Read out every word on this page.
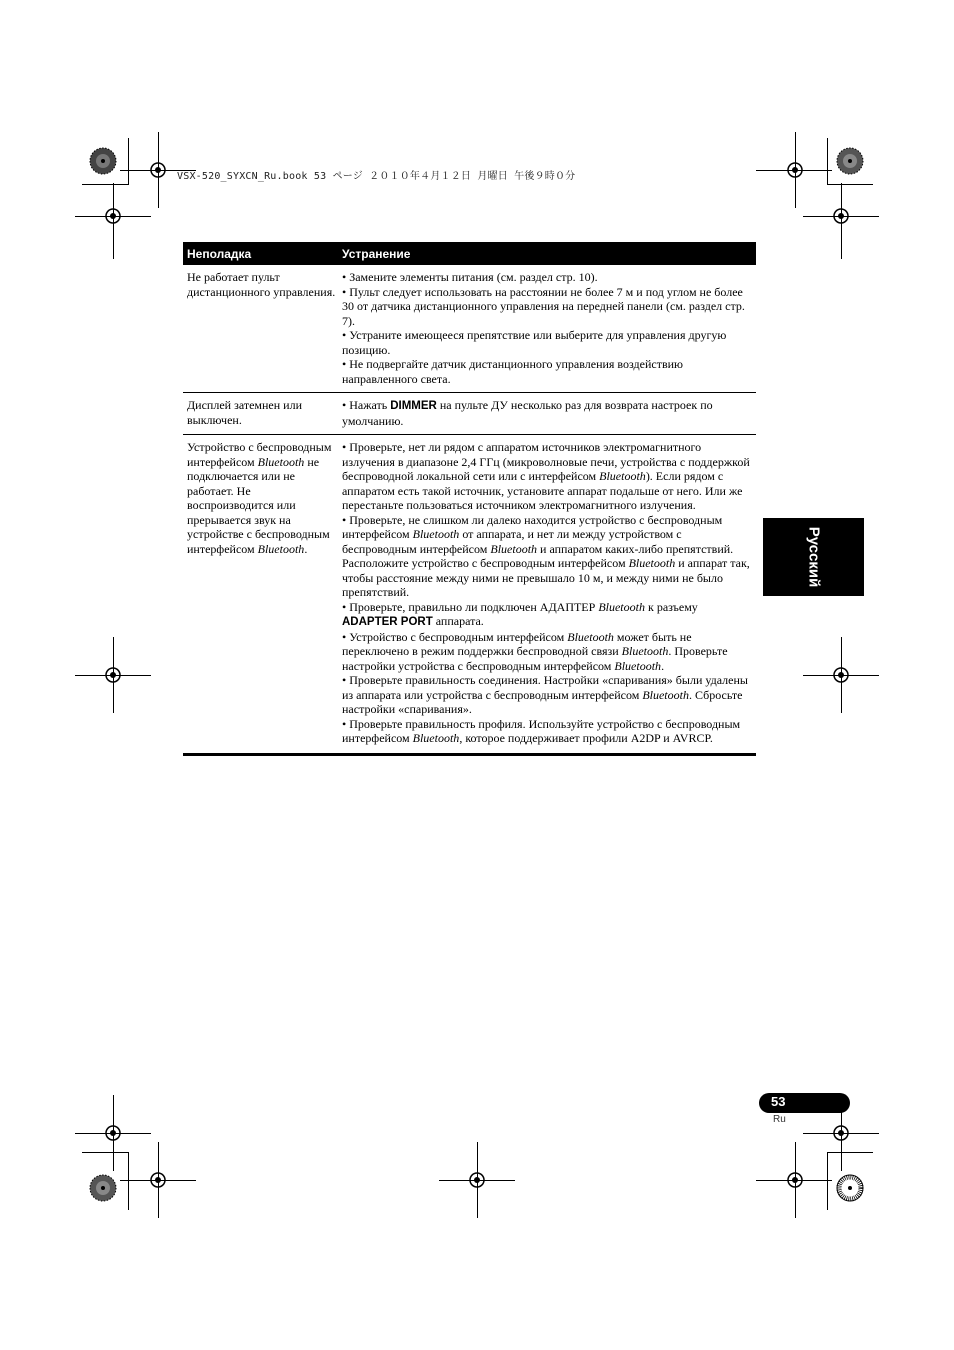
VSX-520_SYXCN_Ru.book 53 ページ ２０１０年４月１２日 月曜日 午後９時０分
Неполадка	Устранение
Не работает пульт дистанционного управления.

• Замените элементы питания (см. раздел стр. 10).

• Пульт следует использовать на расстоянии не более 7 м и под углом не более 30 от датчика дистанционного управления на передней панели (см. раздел стр. 7).

• Устраните имеющееся препятствие или выберите для управления другую позицию.

• Не подвергайте датчик дистанционного управления воздействию направленного света.

Дисплей затемнен или выключен.

• Нажать DIMMER на пульте ДУ несколько раз для возврата настроек по умолчанию.

Устройство с беспроводным интерфейсом Bluetooth не подключается или не работает. Не воспроизводится или прерывается звук на устройстве с беспроводным интерфейсом Bluetooth.

• Проверьте, нет ли рядом с аппаратом источников электромагнитного излучения в диапазоне 2,4 ГГц (микроволновые печи, устройства с поддержкой беспроводной локальной сети или с интерфейсом Bluetooth). Если рядом с аппаратом есть такой источник, установите аппарат подальше от него. Или же перестаньте пользоваться источником электромагнитного излучения.

• Проверьте, не слишком ли далеко находится устройство с беспроводным интерфейсом Bluetooth от аппарата, и нет ли между устройством с беспроводным интерфейсом Bluetooth и аппаратом каких-либо препятствий. Расположите устройство с беспроводным интерфейсом Bluetooth и аппарат так, чтобы расстояние между ними не превышало 10 м, и между ними не было препятствий.

• Проверьте, правильно ли подключен АДАПТЕР Bluetooth к разъему ADAPTER PORT аппарата.

• Устройство с беспроводным интерфейсом Bluetooth может быть не переключено в режим поддержки беспроводной связи Bluetooth. Проверьте настройки устройства с беспроводным интерфейсом Bluetooth.

• Проверьте правильность соединения. Настройки «спаривания» были удалены из аппарата или устройства с беспроводным интерфейсом Bluetooth. Сбросьте настройки «спаривания».

• Проверьте правильность профиля. Используйте устройство с беспроводным интерфейсом Bluetooth, которое поддерживает профили A2DP и AVRCP.

Русский
53
Ru
